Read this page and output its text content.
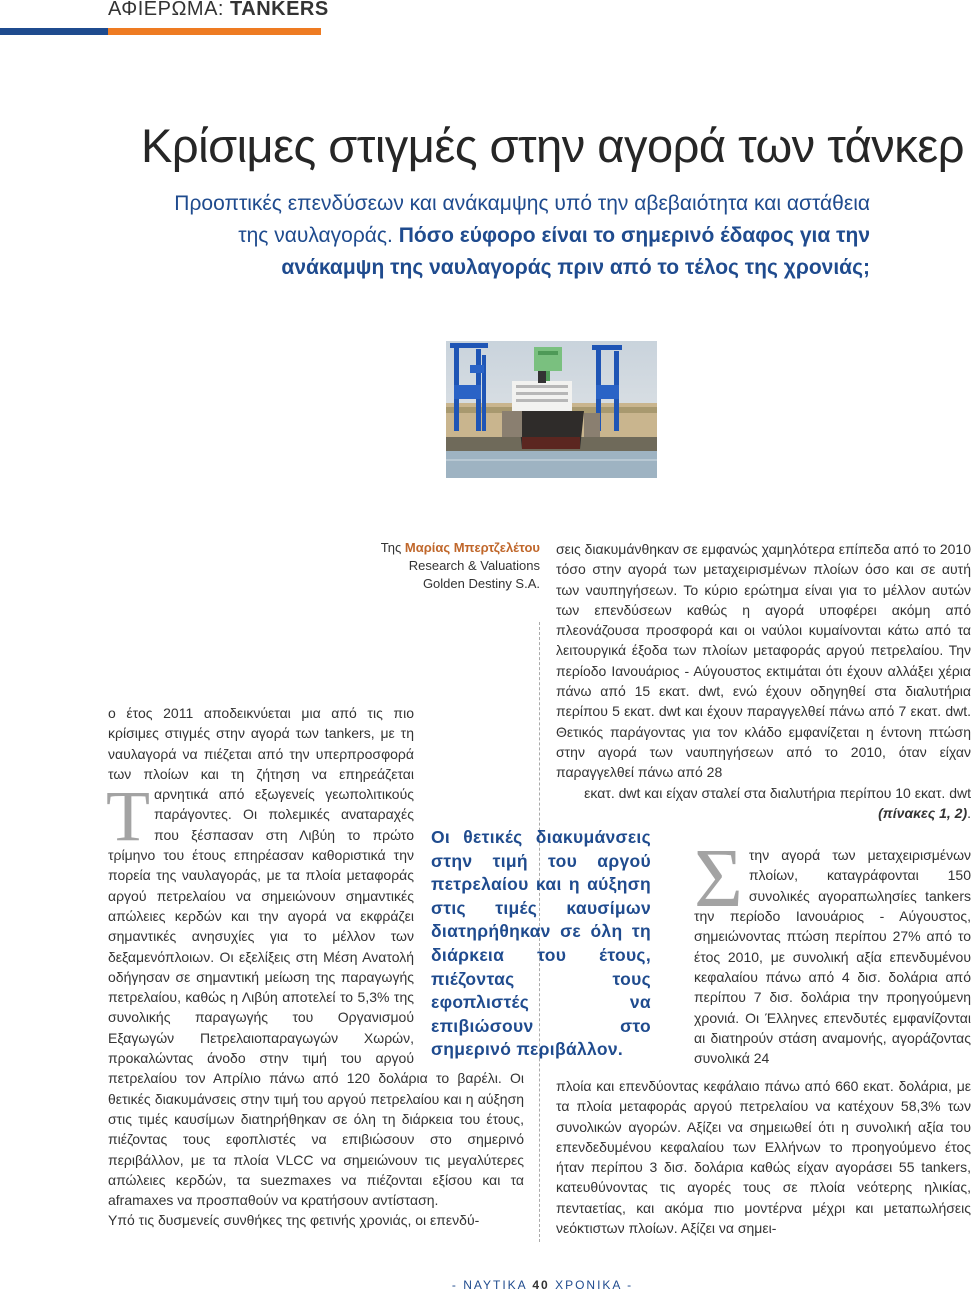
ΑΦΙΕΡΩΜΑ: TANKERS
Κρίσιμες στιγμές στην αγορά των τάνκερ
Προοπτικές επενδύσεων και ανάκαμψης υπό την αβεβαιότητα και αστάθεια της ναυλαγοράς. Πόσο εύφορο είναι το σημερινό έδαφος για την ανάκαμψη της ναυλαγοράς πριν από το τέλος της χρονιάς;
Της Μαρίας Μπερτζελέτου
Research & Valuations
Golden Destiny S.A.

Τ
ο έτος 2011 αποδεικνύεται μια από τις πιο κρίσιμες στιγμές στην αγορά των tankers, με τη ναυλαγορά να πιέζεται από την υπερπροσφορά των πλοίων και τη ζήτηση να επηρεάζεται αρνητικά από εξωγενείς γεωπολιτικούς παράγοντες. Οι πολεμικές αναταραχές που ξέσπασαν στη Λιβύη το πρώτο τρίμηνο του έτους επηρέασαν καθοριστικά την πορεία της ναυλαγοράς, με τα πλοία μεταφοράς αργού πετρελαίου να σημειώνουν σημαντικές απώλειες κερδών και την αγορά να εκφράζει σημαντικές ανησυχίες για το μέλλον των δεξαμενόπλοιων. Οι εξελίξεις στη Μέση Ανατολή οδήγησαν σε σημαντική μείωση της παραγωγής πετρελαίου, καθώς η Λιβύη αποτελεί το 5,3% της συνολικής παραγωγής του Οργανισμού Εξαγωγών Πετρελαιοπαραγωγών Χωρών, προκαλώντας άνοδο στην τιμή του αργού πετρελαίου τον Απρίλιο πάνω από 120 δολάρια το βαρέλι. Οι θετικές διακυμάνσεις στην τιμή του αργού πετρελαίου και η αύξηση στις τιμές καυσίμων διατηρήθηκαν σε όλη τη διάρκεια του έτους, πιέζοντας τους εφοπλιστές να επιβιώσουν στο σημερινό περιβάλλον, με τα πλοία VLCC να σημειώνουν τις μεγαλύτερες απώλειες κερδών, τα suezmaxes να πιέζονται εξίσου και τα aframaxes να προσπαθούν να κρατήσουν αντίσταση.

Υπό τις δυσμενείς συνθήκες της φετινής χρονιάς, οι επενδύ-

Οι θετικές διακυμάνσεις στην τιμή του αργού πετρελαίου και η αύξηση στις τιμές καυσίμων διατηρήθηκαν σε όλη τη διάρκεια του έτους, πιέζοντας τους εφοπλιστές να επιβιώσουν στο σημερινό περιβάλλον.

σεις διακυμάνθηκαν σε εμφανώς χαμηλότερα επίπεδα από το 2010 τόσο στην αγορά των μεταχειρισμένων πλοίων όσο και σε αυτή των ναυπηγήσεων. Το κύριο ερώτημα είναι για το μέλλον αυτών των επενδύσεων καθώς η αγορά υποφέρει ακόμη από πλεονάζουσα προσφορά και οι ναύλοι κυμαίνονται κάτω από τα λειτουργικά έξοδα των πλοίων μεταφοράς αργού πετρελαίου. Την περίοδο Ιανουάριος - Αύγουστος εκτιμάται ότι έχουν αλλάξει χέρια πάνω από 15 εκατ. dwt, ενώ έχουν οδηγηθεί στα διαλυτήρια περίπου 5 εκατ. dwt και έχουν παραγγελθεί πάνω από 7 εκατ. dwt. Θετικός παράγοντας για τον κλάδο εμφανίζεται η έντονη πτώση στην αγορά των ναυπηγήσεων από το 2010, όταν είχαν παραγγελθεί πάνω από 28

εκατ. dwt και είχαν σταλεί στα διαλυτήρια περίπου 10 εκατ. dwt (πίνακες 1, 2).

Στην αγορά των μεταχειρισμένων πλοίων, καταγράφονται 150 συνολικές αγοραπωλησίες tankers την περίοδο Ιανουάριος - Αύγουστος, σημειώνοντας πτώση περίπου 27% από το έτος 2010, με συνολική αξία επενδυμένου κεφαλαίου πάνω από 4 δισ. δολάρια από περίπου 7 δισ. δολάρια την προηγούμενη χρονιά. Οι Έλληνες επενδυτές εμφανίζονται αι διατηρούν στάση αναμονής, αγοράζοντας συνολικά 24

πλοία και επενδύοντας κεφάλαιο πάνω από 660 εκατ. δολάρια, με τα πλοία μεταφοράς αργού πετρελαίου να κατέχουν 58,3% των συνολικών αγορών. Αξίζει να σημειωθεί ότι η συνολική αξία του επενδεδυμένου κεφαλαίου των Ελλήνων το προηγούμενο έτος ήταν περίπου 3 δισ. δολάρια καθώς είχαν αγοράσει 55 tankers, κατευθύνοντας τις αγορές τους σε πλοία νεότερης ηλικίας, πενταετίας, και ακόμα πιο μοντέρνα μέχρι και μεταπωλήσεις νεόκτιστων πλοίων. Αξίζει να σημει-

- ΝΑΥΤΙΚΑ 40 ΧΡΟΝΙΚΑ -
